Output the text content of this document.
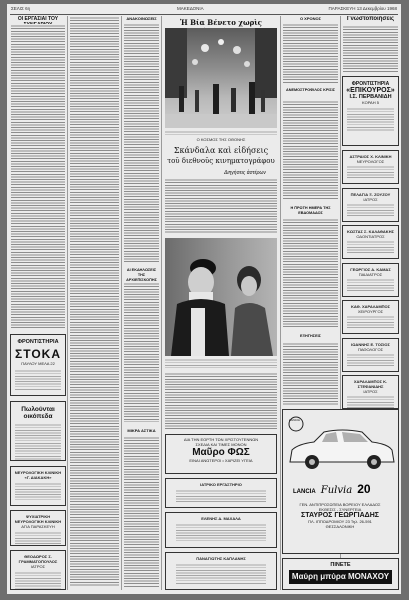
ΣΕΛΙΣ 6η	ΜΑΚΕΔΟΝΙΑ	ΠΑΡΑΣΚΕΥΗ 13 Δεκεμβρίου 1968
ΟΙ ΕΡΓΑΣΙΑΙ ΤΟΥ
ΦΡΟΝΤΙΣΤΗΡΙΑ
ΣΤΟΚΑ
ΠΑΥΛΟΥ ΜΕΛΑ 22
Πωλούνται οικόπεδα
ΝΕΥΡΟΛΟΓΙΚΗ ΚΛΙΝΙΚΗ
«Γ. ΔΙΑΚΑΚΗ»
ΨΥΧΙΑΤΡΙΚΗ ΝΕΥΡΟΛΟΓΙΚΗ ΚΛΙΝΙΚΗ
ΑΓΙΑ ΠΑΡΑΣΚΕΥΗ
ΘΕΟΔΩΡΟΣ Σ. ΓΡΑΜΜΑΤΟΠΟΥΛΟΣ
ΙΑΤΡΟΣ
ΑΝΑΚΟΙΝΩΣΕΙΣ
ΑΙ ΕΚΔΗΛΩΣΕΙΣ ΤΗΣ ΑΡΧΙΕΠΙΣΚΟΠΗΣ
ΜΙΚΡΑ ΑΣΤΙΚΑ
Ἡ Βία Βένετο χωρὶς
Ο ΚΟΣΜΟΣ ΤΗΣ ΟΘΟΝΗΣ
Σκάνδαλα καὶ εἰδήσεις
τοῦ διεθνοῦς κινηματογράφου
Διηγήσεις ἀστέρων
ΔΙΑ ΤΗΝ ΕΟΡΤΗ ΤΩΝ ΧΡΙΣΤΟΥΓΕΝΝΩΝ
ΣΧΕΔΙΑ ΚΑΙ ΤΙΜΕΣ ΜΟΝΟΝ
Μαῦρο ΦΩΣ
ΕΙΝΑΙ ΑΝΩΤΕΡΟΙ • ΧΑΡΙΖΕΙ ΥΓΕΙΑ
ΙΑΤΡΙΚΟ ΕΡΓΑΣΤΗΡΙΟ
ΕΛΕΝΗΣ Δ. ΜΑΧΑΛΑ
ΠΑΝΑΓΙΩΤΗΣ ΚΑΠΛΑΝΗΣ
Ο ΧΡΟΝΟΣ
ΑΝΕΜΟΣΤΡΟΦΙΛΟΣ ΚΡΙΣΙΣ
Η ΠΡΩΤΗ ΗΜΕΡΑ ΤΗΣ ΕΒΔΟΜΑΔΟΣ
ΕΞΗΓΗΣΕΙΣ
Γνωστοποιήσεις
ΦΡΟΝΤΙΣΤΗΡΙΑ
«ΕΠΙΚΟΥΡΟΣ»
Ι.Σ. ΠΕΡΒΑΝΙΔΗ
ΚΟΡΑΗ 5
ΑΣΤΡΑΙΟΣ Χ. ΚΛΙΝΙΚΗ
ΝΕΥΡΟΛΟΓΟΣ
ΠΕΛΑΓΙΑ Ξ. ΖΟΥΖΟΥ
ΙΑΤΡΟΣ
ΚΩΣΤΑΣ Σ. ΚΑΛΑΘΑΚΗΣ
ΟΔΟΝΤΙΑΤΡΟΣ
ΓΕΩΡΓΙΟΣ Α. ΚΑΜΑΣ
ΠΑΙΔΙΑΤΡΟΣ
ΚΑΘ. ΧΑΡΑΛΑΜΠΟΣ
ΧΕΙΡΟΥΡΓΟΣ
ΙΩΑΝΝΗΣ Ε. ΤΟΣΙΟΣ
ΠΑΘΟΛΟΓΟΣ
ΧΑΡΑΛΑΜΠΟΣ Κ. ΣΤΕΦΑΝΙΔΗΣ
ΙΑΤΡΟΣ
LANCIA
LANCIA Fulvia 20
ΓΕΝ. ΑΝΤΙΠΡΟΣΩΠΕΙΑ ΒΟΡΕΙΟΥ ΕΛΛΑΔΟΣ
ΕΚΘΕΣΙΣ - ΣΥΝΕΡΓΕΙΑ
ΣΤΑΥΡΟΣ ΓΕΩΡΓΙΑΔΗΣ
ΠΛ. ΙΠΠΟΔΡΟΜΙΟΥ 23 Τηλ. 26-591
ΘΕΣΣΑΛΟΝΙΚΗ
ΠΙΝΕΤΕ
Μαύρη μπύρα ΜΟΝΑΧΟΥ
